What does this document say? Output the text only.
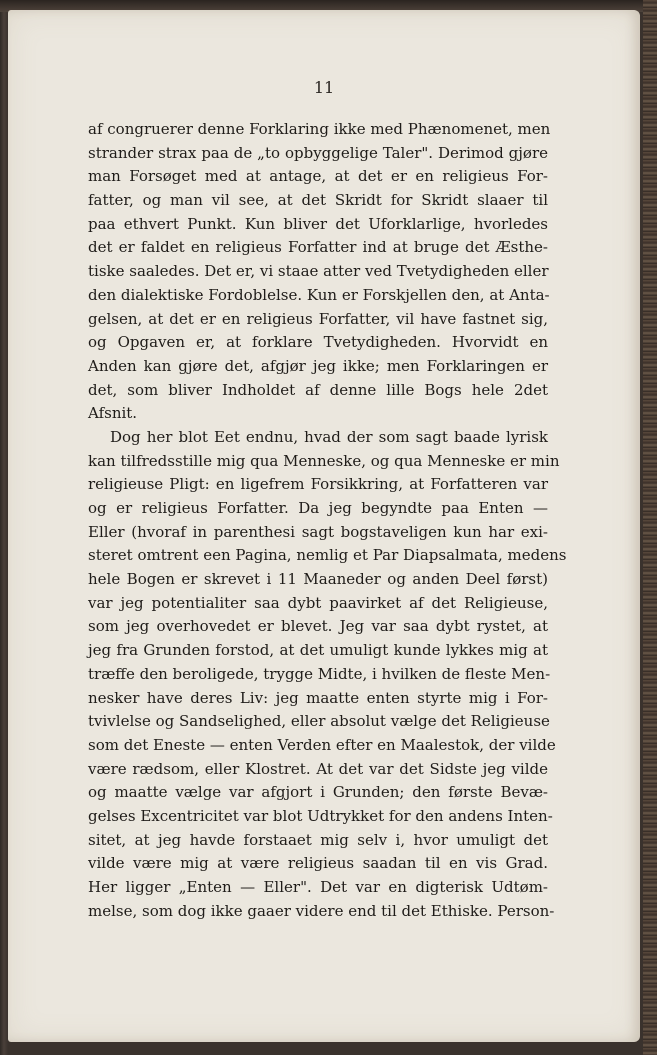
11
af congruerer denne Forklaring ikke med Phænomenet, men
strander strax paa de „to opbyggelige Taler". Derimod gjøre
man Forsøget med at antage, at det er en religieus For-
fatter, og man vil see, at det Skridt for Skridt slaaer til
paa ethvert Punkt. Kun bliver det Uforklarlige, hvorledes
det er faldet en religieus Forfatter ind at bruge det Æsthe-
tiske saaledes. Det er, vi staae atter ved Tvetydigheden eller
den dialektiske Fordoblelse. Kun er Forskjellen den, at Anta-
gelsen, at det er en religieus Forfatter, vil have fastnet sig,
og Opgaven er, at forklare Tvetydigheden. Hvorvidt en
Anden kan gjøre det, afgjør jeg ikke; men Forklaringen er
det, som bliver Indholdet af denne lille Bogs hele 2det
Afsnit.
Dog her blot Eet endnu, hvad der som sagt baade lyrisk
kan tilfredsstille mig qua Menneske, og qua Menneske er min
religieuse Pligt: en ligefrem Forsikkring, at Forfatteren var
og er religieus Forfatter. Da jeg begyndte paa Enten —
Eller (hvoraf in parenthesi sagt bogstaveligen kun har exi-
steret omtrent een Pagina, nemlig et Par Diapsalmata, medens
hele Bogen er skrevet i 11 Maaneder og anden Deel først)
var jeg potentialiter saa dybt paavirket af det Religieuse,
som jeg overhovedet er blevet. Jeg var saa dybt rystet, at
jeg fra Grunden forstod, at det umuligt kunde lykkes mig at
træffe den beroligede, trygge Midte, i hvilken de fleste Men-
nesker have deres Liv: jeg maatte enten styrte mig i For-
tvivlelse og Sandselighed, eller absolut vælge det Religieuse
som det Eneste — enten Verden efter en Maalestok, der vilde
være rædsom, eller Klostret. At det var det Sidste jeg vilde
og maatte vælge var afgjort i Grunden; den første Bevæ-
gelses Excentricitet var blot Udtrykket for den andens Inten-
sitet, at jeg havde forstaaet mig selv i, hvor umuligt det
vilde være mig at være religieus saadan til en vis Grad.
Her ligger „Enten — Eller". Det var en digterisk Udtøm-
melse, som dog ikke gaaer videre end til det Ethiske. Person-
